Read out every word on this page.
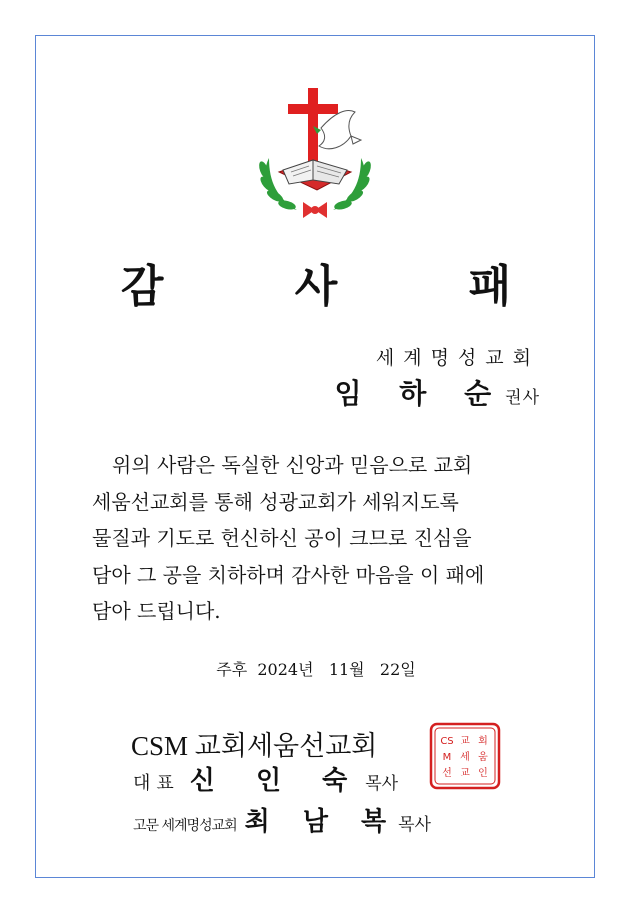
감 사 패
세계명성교회
임 하 순권사

위의 사람은 독실한 신앙과 믿음으로 교회
세움선교회를 통해 성광교회가 세워지도록
물질과 기도로 헌신하신 공이 크므로 진심을
담아 그 공을 치하하며 감사한 마음을 이 패에
담아 드립니다.

주후  2024년   11월   22일
CSM 교회세움선교회
대표 신 인 숙 목사
고문 세계명성교회 최 남 복목사
CS 교 회
M 세 움
선 교 인
